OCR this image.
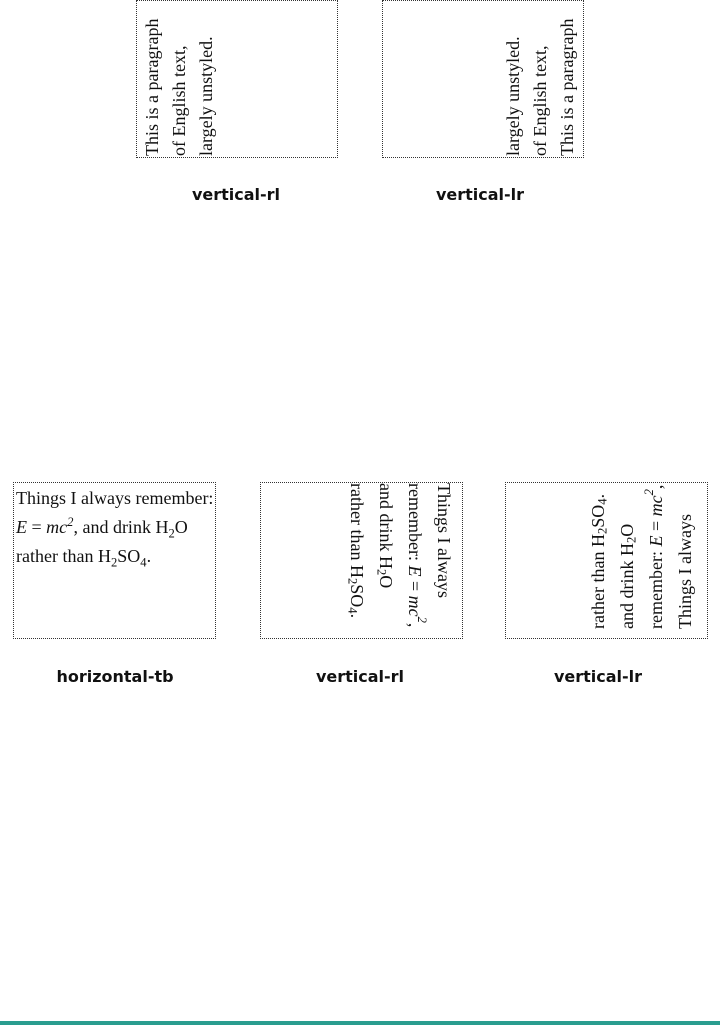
This is a paragraph of English text, largely unstyled.

vertical-rl

This is a paragraph of English text, largely unstyled.

vertical-lr

Things I always remember: $E = mc^2$, and drink $H_2O$ rather than $H_2SO_4$.

horizontal-tb

Things I always remember: $E = mc^2$, and drink $H_2O$ rather than $H_2SO_4$.

vertical-rl

Things I always remember: $E = mc^2$, and drink $H_2O$ rather than $H_2SO_4$.

vertical-lr
